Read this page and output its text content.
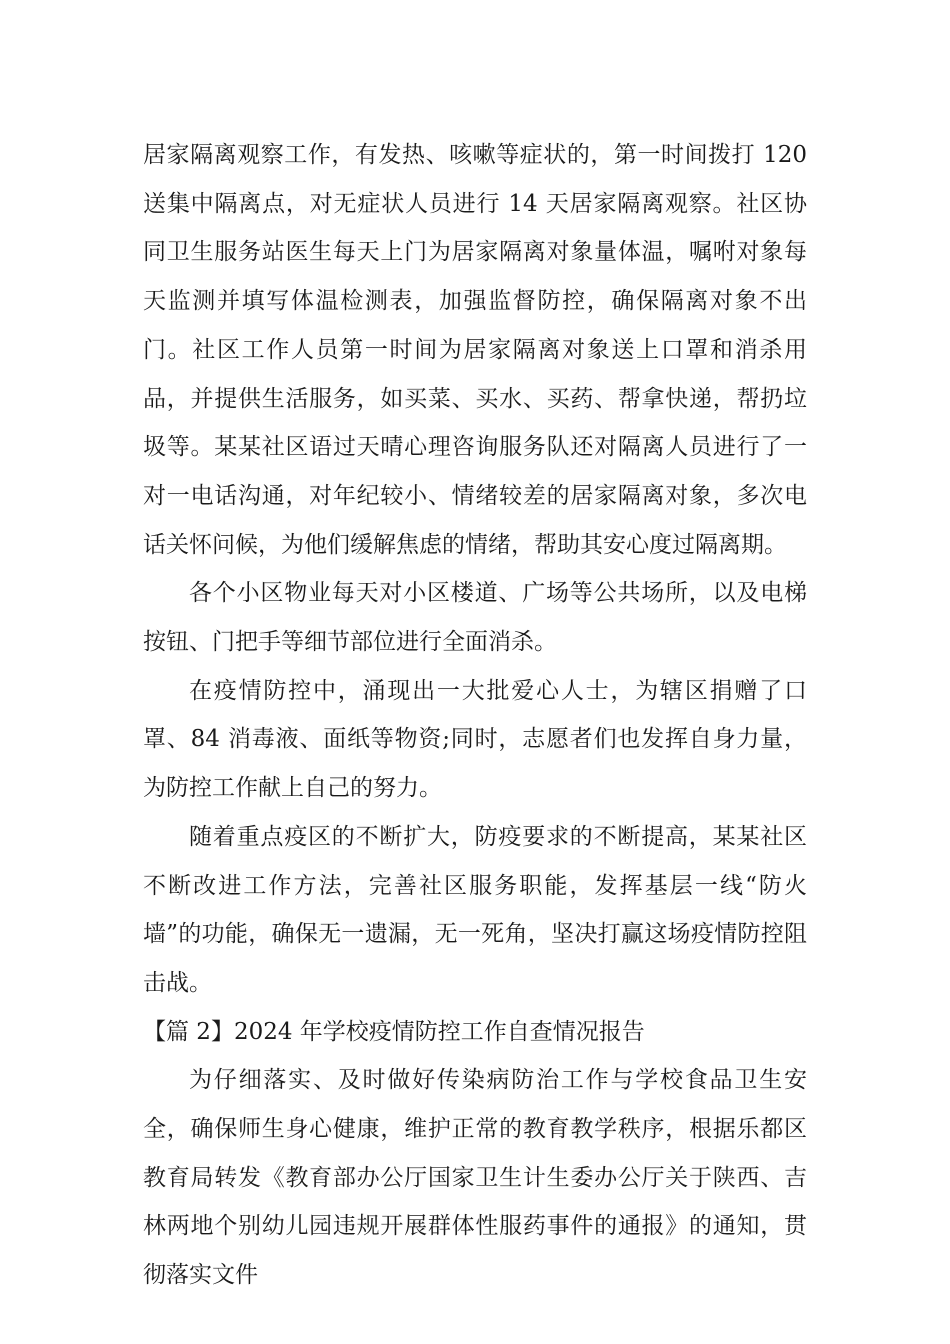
居家隔离观察工作，有发热、咳嗽等症状的，第一时间拨打 120 送集中隔离点，对无症状人员进行 14 天居家隔离观察。社区协同卫生服务站医生每天上门为居家隔离对象量体温，嘱咐对象每天监测并填写体温检测表，加强监督防控，确保隔离对象不出门。社区工作人员第一时间为居家隔离对象送上口罩和消杀用品，并提供生活服务，如买菜、买水、买药、帮拿快递，帮扔垃圾等。某某社区语过天晴心理咨询服务队还对隔离人员进行了一对一电话沟通，对年纪较小、情绪较差的居家隔离对象，多次电话关怀问候，为他们缓解焦虑的情绪，帮助其安心度过隔离期。

各个小区物业每天对小区楼道、广场等公共场所，以及电梯按钮、门把手等细节部位进行全面消杀。

在疫情防控中，涌现出一大批爱心人士，为辖区捐赠了口罩、84 消毒液、面纸等物资;同时，志愿者们也发挥自身力量，为防控工作献上自己的努力。

随着重点疫区的不断扩大，防疫要求的不断提高，某某社区不断改进工作方法，完善社区服务职能，发挥基层一线“防火墙”的功能，确保无一遗漏，无一死角，坚决打赢这场疫情防控阻击战。

【篇 2】2024 年学校疫情防控工作自查情况报告

为仔细落实、及时做好传染病防治工作与学校食品卫生安全，确保师生身心健康，维护正常的教育教学秩序，根据乐都区教育局转发《教育部办公厅国家卫生计生委办公厅关于陕西、吉林两地个别幼儿园违规开展群体性服药事件的通报》的通知，贯彻落实文件
